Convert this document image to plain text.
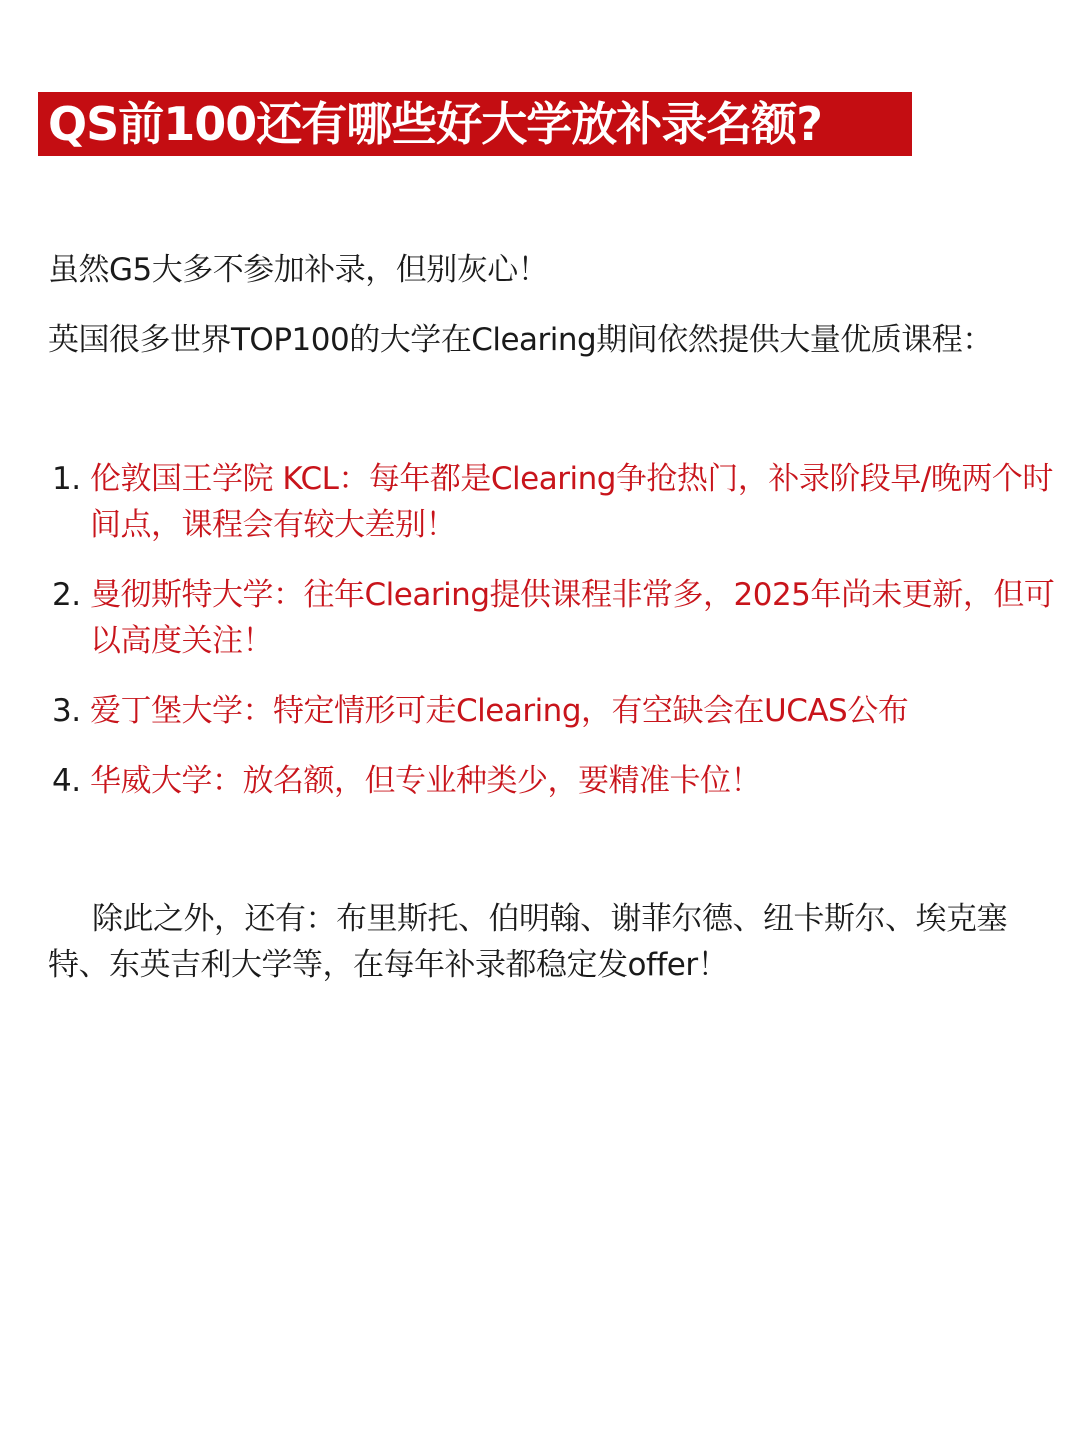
QS前100还有哪些好大学放补录名额?

虽然G5大多不参加补录，但别灰心！

英国很多世界TOP100的大学在Clearing期间依然提供大量优质课程：

1. 伦敦国王学院 KCL：每年都是Clearing争抢热门，补录阶段早/晚两个时间点，课程会有较大差别！
2. 曼彻斯特大学：往年Clearing提供课程非常多，2025年尚未更新，但可以高度关注！
3. 爱丁堡大学：特定情形可走Clearing，有空缺会在UCAS公布
4. 华威大学：放名额，但专业种类少，要精准卡位！

除此之外，还有：布里斯托、伯明翰、谢菲尔德、纽卡斯尔、埃克塞特、东英吉利大学等，在每年补录都稳定发offer！
